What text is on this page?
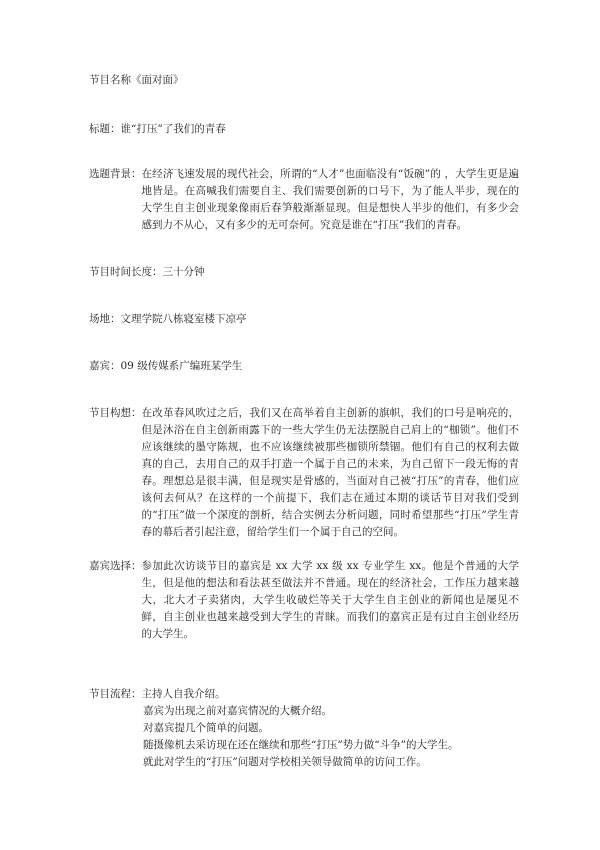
节目名称《面对面》
标题：谁“打压”了我们的青春
选题背景： 在经济飞速发展的现代社会，所谓的“人才”也面临没有“饭碗”的 ，大学生更是遍地皆是。在高喊我们需要自主、我们需要创新的口号下，为了能人半步，现在的大学生自主创业现象像雨后春笋般渐渐显现。但是想快人半步的他们，有多少会感到力不从心，又有多少的无可奈何。究竟是谁在“打压”我们的青春。

节目时间长度：三十分钟
场地：文理学院八栋寝室楼下凉亭
嘉宾：09 级传媒系广编班某学生
节目构想： 在改革春风吹过之后，我们又在高举着自主创新的旗帜，我们的口号是响亮的，但是沐浴在自主创新雨露下的一些大学生仍无法摆脱自己肩上的“枷锁”。他们不应该继续的墨守陈规，也不应该继续被那些枷锁所禁锢。他们有自己的权利去做真的自己，去用自己的双手打造一个属于自己的未来，为自己留下一段无悔的青春。理想总是很丰满，但是现实是骨感的，当面对自己被“打压”的青春，他们应该何去何从？在这样的一个前提下，我们志在通过本期的谈话节目对我们受到的“打压”做一个深度的剖析，结合实例去分析问题，同时希望那些“打压”学生青春的幕后者引起注意，留给学生们一个属于自己的空间。

嘉宾选择： 参加此次访谈节目的嘉宾是 xx 大学 xx 级 xx 专业学生 xx。他是个普通的大学生，但是他的想法和看法甚至做法并不普通。现在的经济社会，工作压力越来越大，北大才子卖猪肉，大学生收破烂等关于大学生自主创业的新闻也是屡见不鲜，自主创业也越来越受到大学生的青睐。而我们的嘉宾正是有过自主创业经历的大学生。

节目流程： 主持人自我介绍。

嘉宾为出现之前对嘉宾情况的大概介绍。

对嘉宾提几个简单的问题。

随摄像机去采访现在还在继续和那些“打压”势力做“斗争”的大学生。

就此对学生的“打压”问题对学校相关领导做简单的访问工作。
